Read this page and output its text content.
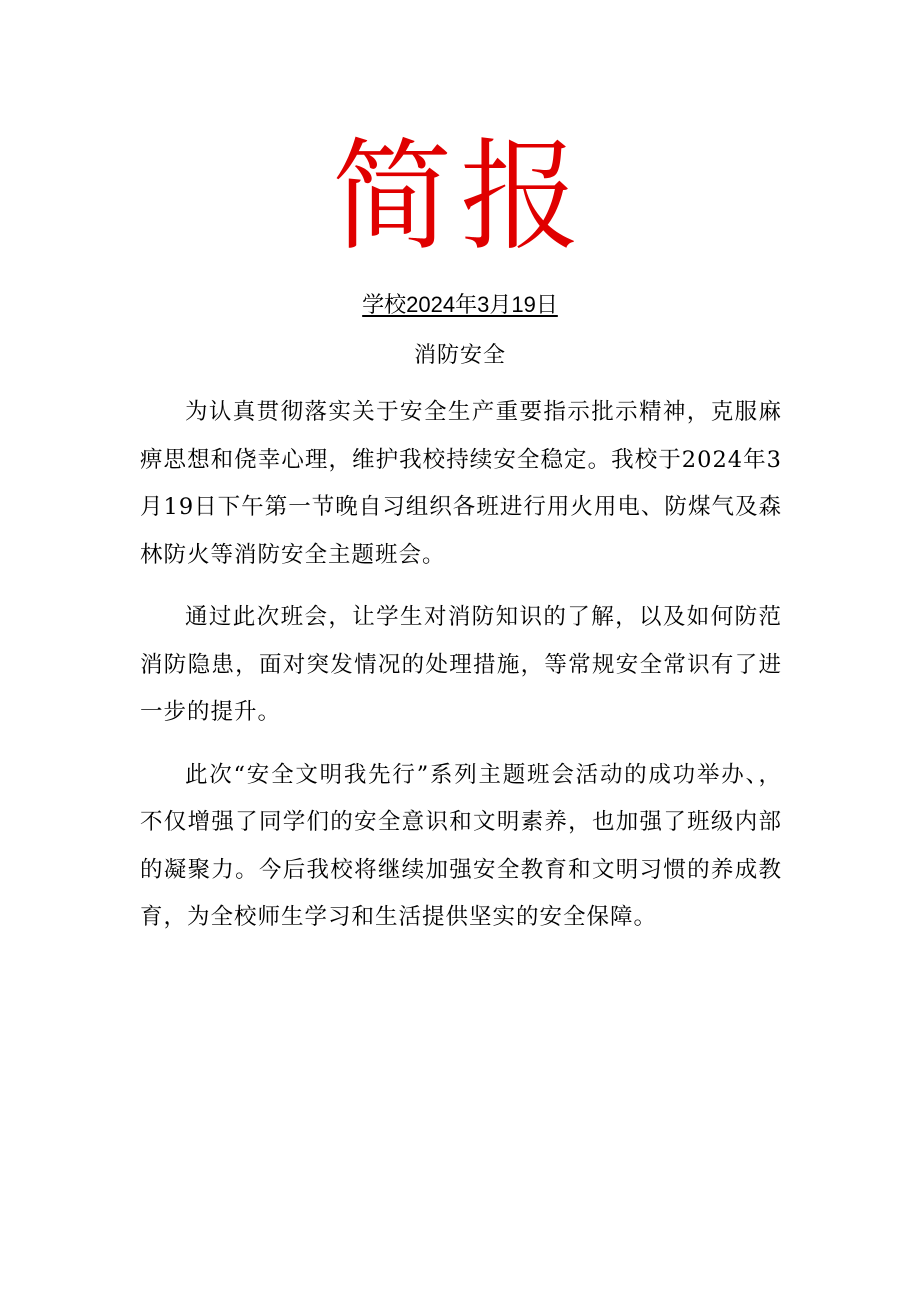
简报
学校2024年3月19日
消防安全

为认真贯彻落实关于安全生产重要指示批示精神，克服麻痹思想和侥幸心理，维护我校持续安全稳定。我校于2024年3月19日下午第一节晚自习组织各班进行用火用电、防煤气及森林防火等消防安全主题班会。

通过此次班会，让学生对消防知识的了解，以及如何防范消防隐患，面对突发情况的处理措施，等常规安全常识有了进一步的提升。

此次“安全文明我先行”系列主题班会活动的成功举办、，不仅增强了同学们的安全意识和文明素养，也加强了班级内部的凝聚力。今后我校将继续加强安全教育和文明习惯的养成教育，为全校师生学习和生活提供坚实的安全保障。
